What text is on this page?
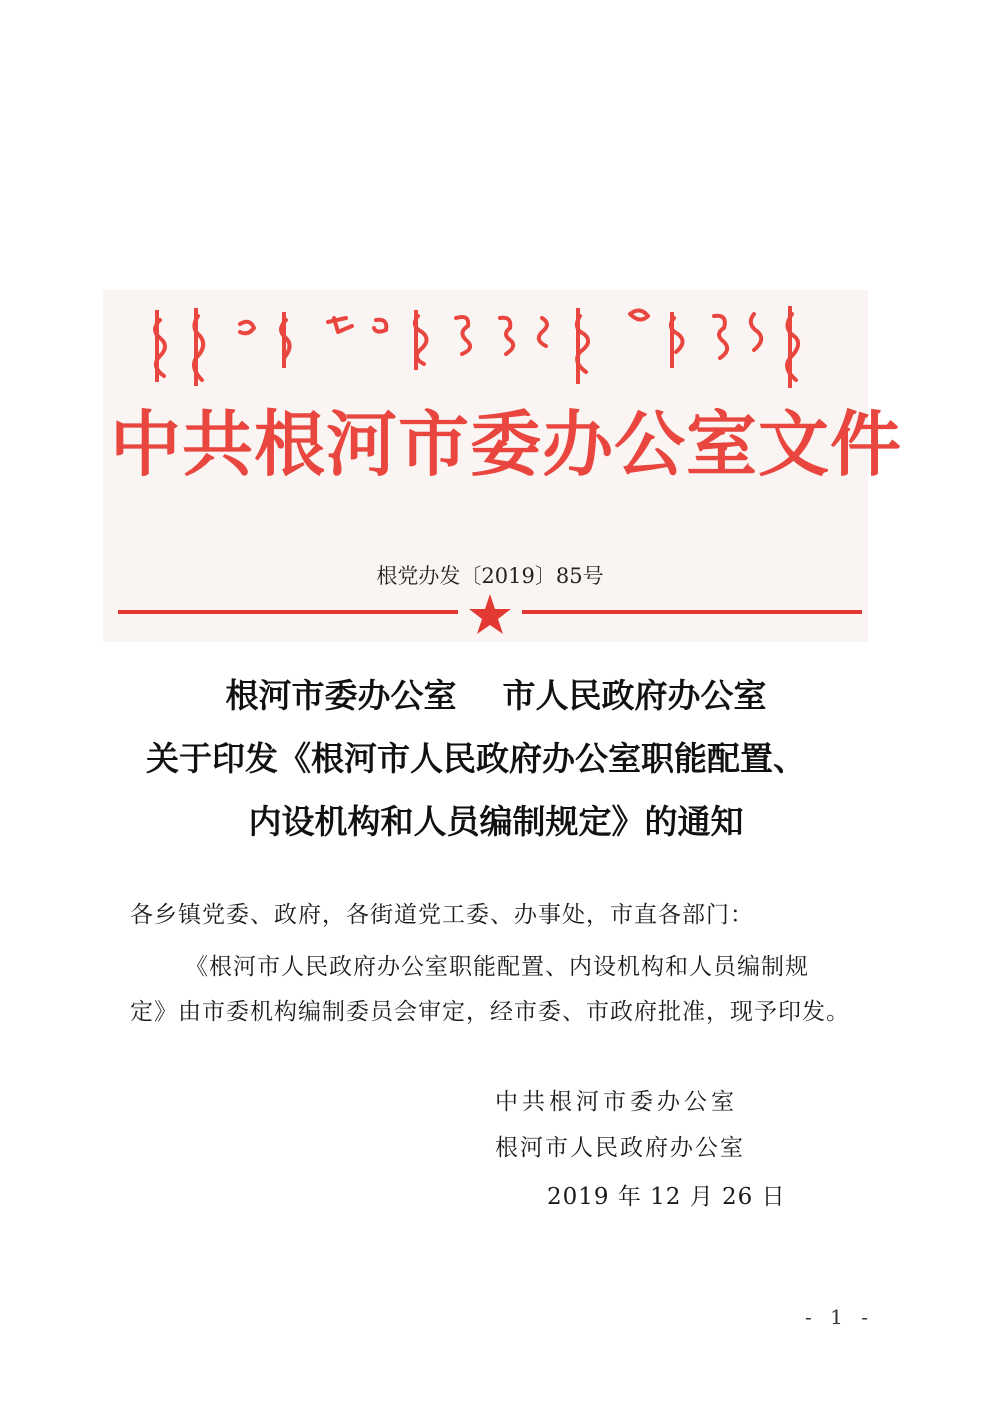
中共根河市委办公室文件
根党办发〔2019〕85号
根河市委办公室    市人民政府办公室
关于印发《根河市人民政府办公室职能配置、
内设机构和人员编制规定》的通知
各乡镇党委、政府，各街道党工委、办事处，市直各部门：
《根河市人民政府办公室职能配置、内设机构和人员编制规
定》由市委机构编制委员会审定，经市委、市政府批准，现予印发。
中共根河市委办公室
根河市人民政府办公室
2019 年 12 月 26 日
- 1 -
